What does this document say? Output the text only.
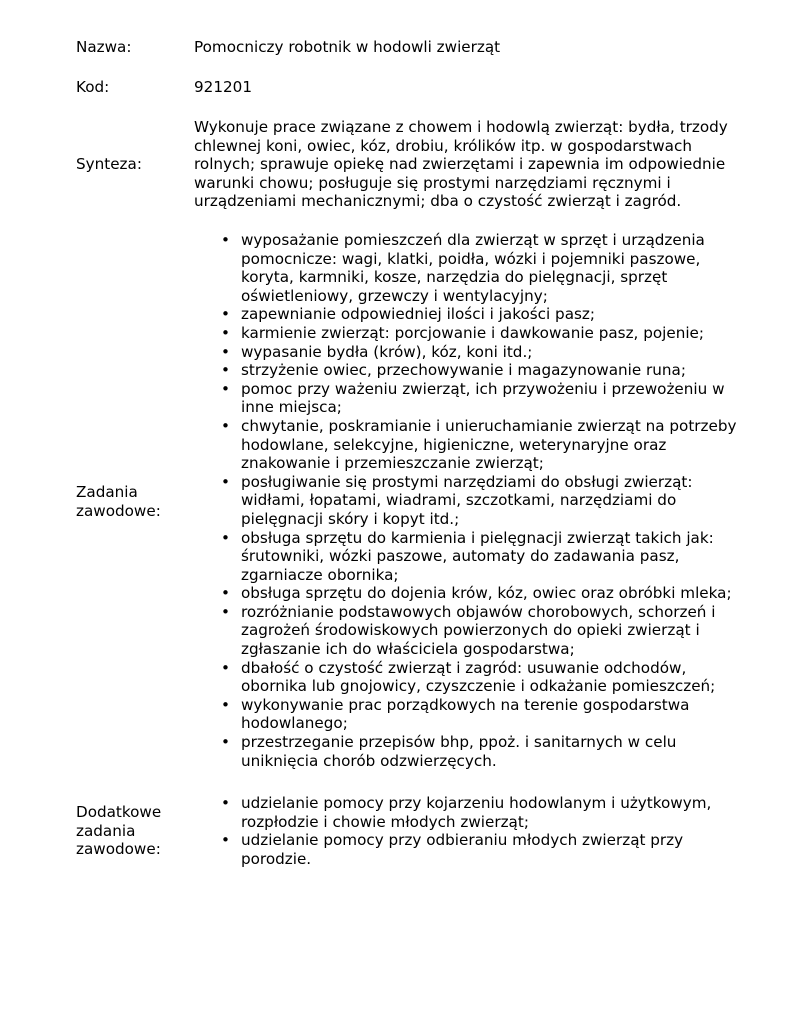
Nazwa:	Pomocniczy robotnik w hodowli zwierząt
Kod:	921201
Synteza:
Wykonuje prace związane z chowem i hodowlą zwierząt: bydła, trzody chlewnej koni, owiec, kóz, drobiu, królików itp. w gospodarstwach rolnych; sprawuje opiekę nad zwierzętami i zapewnia im odpowiednie warunki chowu; posługuje się prostymi narzędziami ręcznymi i urządzeniami mechanicznymi; dba o czystość zwierząt i zagród.
Zadania
zawodowe:
• wyposażanie pomieszczeń dla zwierząt w sprzęt i urządzenia pomocnicze: wagi, klatki, poidła, wózki i pojemniki paszowe, koryta, karmniki, kosze, narzędzia do pielęgnacji, sprzęt oświetleniowy, grzewczy i wentylacyjny;
• zapewnianie odpowiedniej ilości i jakości pasz;
• karmienie zwierząt: porcjowanie i dawkowanie pasz, pojenie;
• wypasanie bydła (krów), kóz, koni itd.;
• strzyżenie owiec, przechowywanie i magazynowanie runa;
• pomoc przy ważeniu zwierząt, ich przywożeniu i przewożeniu w inne miejsca;
• chwytanie, poskramianie i unieruchamianie zwierząt na potrzeby hodowlane, selekcyjne, higieniczne, weterynaryjne oraz znakowanie i przemieszczanie zwierząt;
• posługiwanie się prostymi narzędziami do obsługi zwierząt: widłami, łopatami, wiadrami, szczotkami, narzędziami do pielęgnacji skóry i kopyt itd.;
• obsługa sprzętu do karmienia i pielęgnacji zwierząt takich jak: śrutowniki, wózki paszowe, automaty do zadawania pasz, zgarniacze obornika;
• obsługa sprzętu do dojenia krów, kóz, owiec oraz obróbki mleka;
• rozróżnianie podstawowych objawów chorobowych, schorzeń i zagrożeń środowiskowych powierzonych do opieki zwierząt i zgłaszanie ich do właściciela gospodarstwa;
• dbałość o czystość zwierząt i zagród: usuwanie odchodów, obornika lub gnojowicy, czyszczenie i odkażanie pomieszczeń;
• wykonywanie prac porządkowych na terenie gospodarstwa hodowlanego;
• przestrzeganie przepisów bhp, ppoż. i sanitarnych w celu uniknięcia chorób odzwierzęcych.
Dodatkowe
zadania
zawodowe:
• udzielanie pomocy przy kojarzeniu hodowlanym i użytkowym, rozpłodzie i chowie młodych zwierząt;
• udzielanie pomocy przy odbieraniu młodych zwierząt przy porodzie.
